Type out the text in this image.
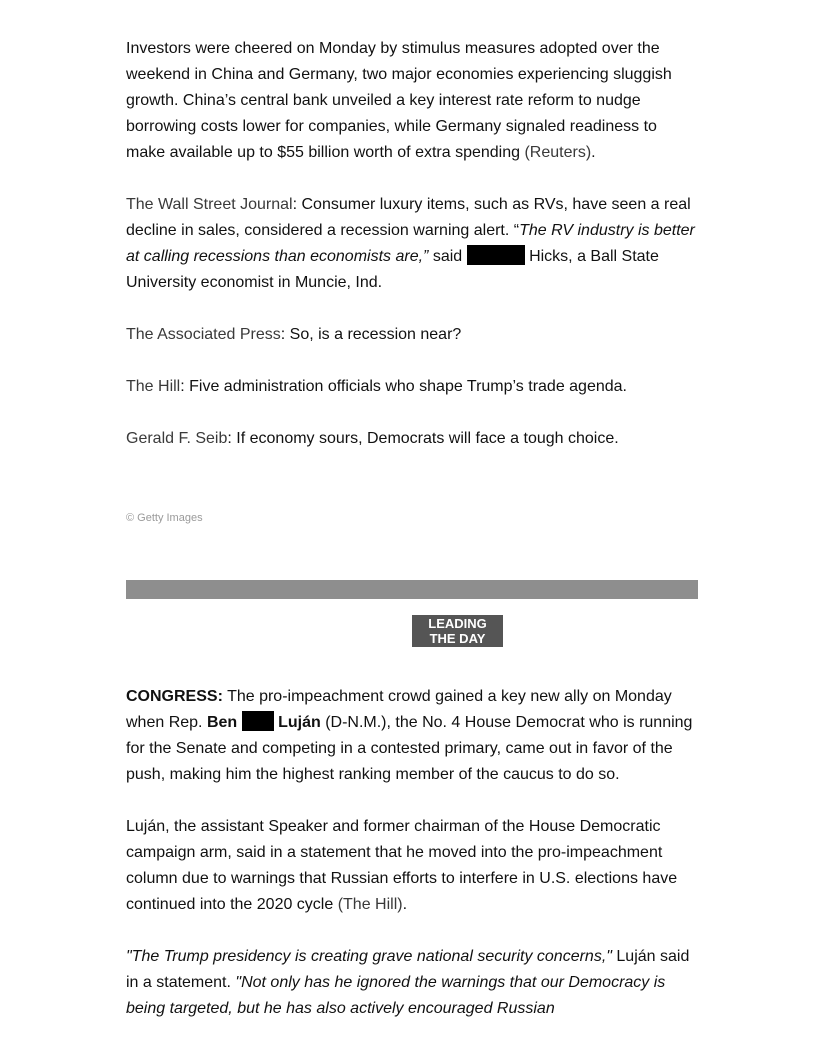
Investors were cheered on Monday by stimulus measures adopted over the weekend in China and Germany, two major economies experiencing sluggish growth. China’s central bank unveiled a key interest rate reform to nudge borrowing costs lower for companies, while Germany signaled readiness to make available up to $55 billion worth of extra spending (Reuters).

The Wall Street Journal: Consumer luxury items, such as RVs, have seen a real decline in sales, considered a recession warning alert. “The RV industry is better at calling recessions than economists are,” said	Hicks, a Ball State University economist in Muncie, Ind.

The Associated Press: So, is a recession near?

The Hill: Five administration officials who shape Trump’s trade agenda.

Gerald F. Seib: If economy sours, Democrats will face a tough choice.

© Getty Images
LEADING
THE DAY

CONGRESS: The pro-impeachment crowd gained a key new ally on Monday when Rep. Ben	Luján (D-N.M.), the No. 4 House Democrat who is running for the Senate and competing in a contested primary, came out in favor of the push, making him the highest ranking member of the caucus to do so.

Luján, the assistant Speaker and former chairman of the House Democratic campaign arm, said in a statement that he moved into the pro-impeachment column due to warnings that Russian efforts to interfere in U.S. elections have continued into the 2020 cycle (The Hill).

"The Trump presidency is creating grave national security concerns," Luján said in a statement. "Not only has he ignored the warnings that our Democracy is being targeted, but he has also actively encouraged Russian
